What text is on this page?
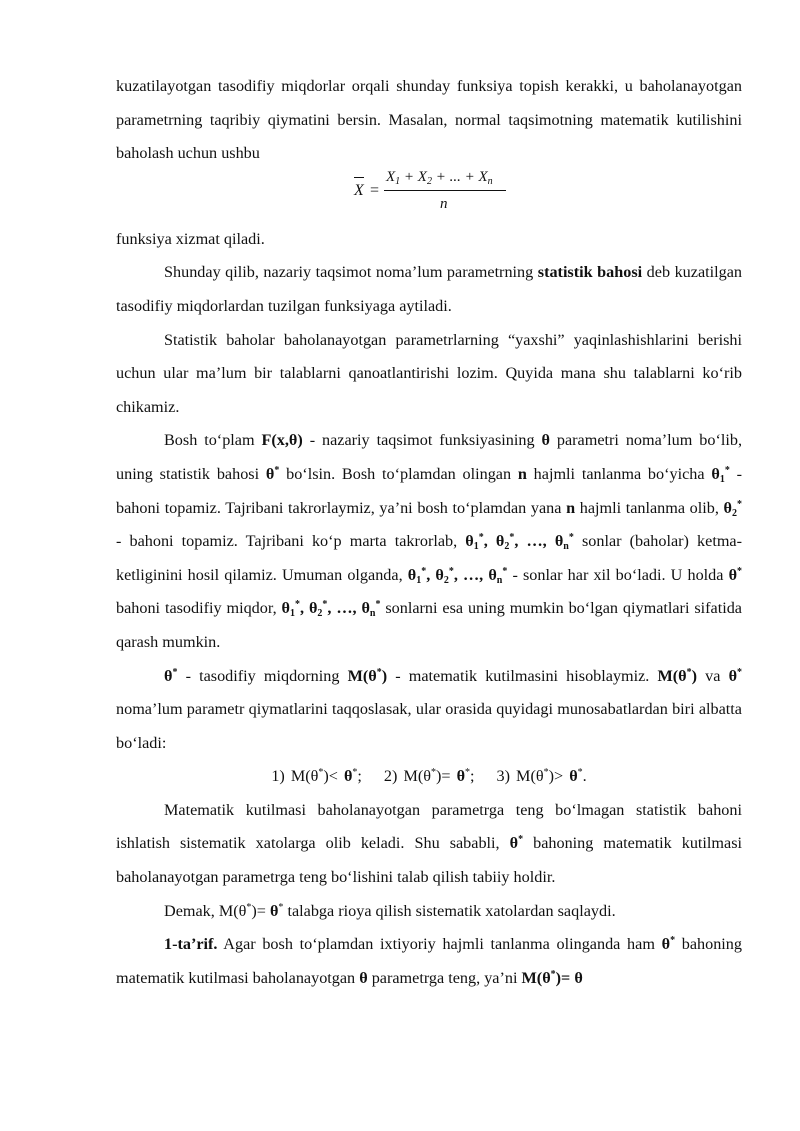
kuzatilayotgan tasodifiy miqdorlar orqali shunday funksiya topish kerakki, u baholanayotgan parametrning taqribiy qiymatini bersin. Masalan, normal taqsimotning matematik kutilishini baholash uchun ushbu

X =
$X_1 + X_2$ + ... + $X_n$
n

funksiya xizmat qiladi.

Shunday qilib, nazariy taqsimot noma’lum parametrning statistik bahosi deb kuzatilgan tasodifiy miqdorlardan tuzilgan funksiyaga aytiladi.

Statistik baholar baholanayotgan parametrlarning “yaxshi” yaqinlashishlarini berishi uchun ular ma’lum bir talablarni qanoatlantirishi lozim. Quyida mana shu talablarni ko‘rib chikamiz.

Bosh to‘plam F(x,θ) - nazariy taqsimot funksiyasining θ parametri noma’lum bo‘lib, uning statistik bahosi θ* bo‘lsin. Bosh to‘plamdan olingan n hajmli tanlanma bo‘yicha $\theta_1^*$ - bahoni topamiz. Tajribani takrorlaymiz, ya’ni bosh to‘plamdan yana n hajmli tanlanma olib, $\theta_2^*$ - bahoni topamiz. Tajribani ko‘p marta takrorlab, $\theta_1^*$, $\theta_2^*$, …, $\theta_n^*$ sonlar (baholar) ketma-ketliginini hosil qilamiz. Umuman olganda, $\theta_1^*$, $\theta_2^*$, …, $\theta_n^*$ - sonlar har xil bo‘ladi. U holda θ* bahoni tasodifiy miqdor, $\theta_1^*$, $\theta_2^*$, …, $\theta_n^*$ sonlarni esa uning mumkin bo‘lgan qiymatlari sifatida qarash mumkin.

θ* - tasodifiy miqdorning M(θ*) - matematik kutilmasini hisoblaymiz. M(θ*) va θ* noma’lum parametr qiymatlarini taqqoslasak, ular orasida quyidagi munosabatlardan biri albatta bo‘ladi:

1) M(θ*)< θ*; 2) M(θ*)= θ*; 3) M(θ*)> θ*.

Matematik kutilmasi baholanayotgan parametrga teng bo‘lmagan statistik bahoni ishlatish sistematik xatolarga olib keladi. Shu sababli, θ* bahoning matematik kutilmasi baholanayotgan parametrga teng bo‘lishini talab qilish tabiiy holdir.

Demak, M(θ*)= θ* talabga rioya qilish sistematik xatolardan saqlaydi.

1-ta’rif. Agar bosh to‘plamdan ixtiyoriy hajmli tanlanma olinganda ham θ* bahoning matematik kutilmasi baholanayotgan θ parametrga teng, ya’ni M(θ*)= θ
